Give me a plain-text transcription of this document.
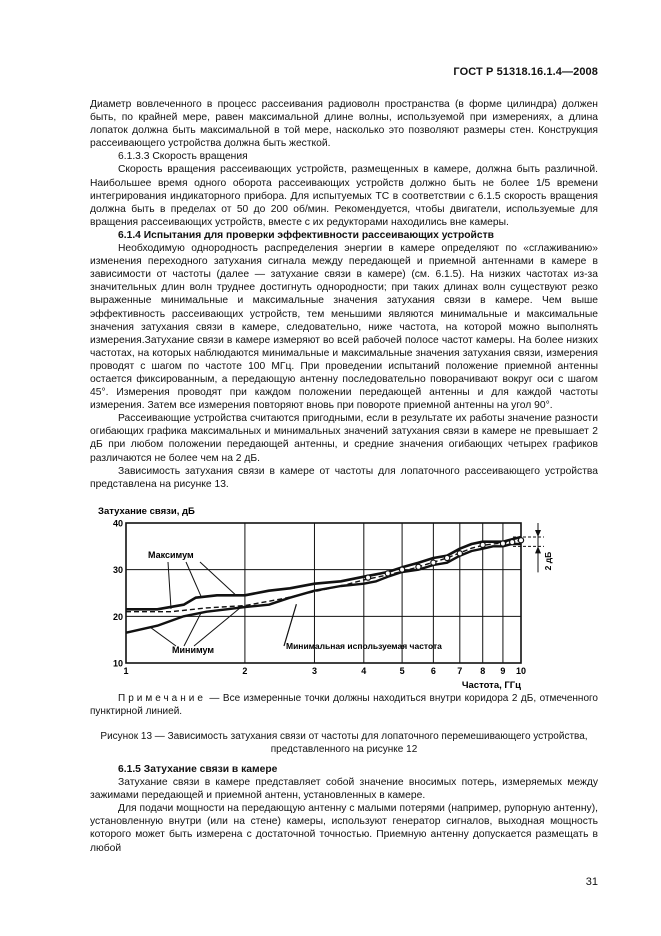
ГОСТ Р 51318.16.1.4—2008

Диаметр вовлеченного в процесс рассеивания радиоволн пространства (в форме цилиндра) должен быть, по крайней мере, равен максимальной длине волны, используемой при измерениях, а длина лопаток должна быть максимальной в той мере, насколько это позволяют размеры стен. Конструкция рассеивающего устройства должна быть жесткой.

6.1.3.3 Скорость вращения

Скорость вращения рассеивающих устройств, размещенных в камере, должна быть различной. Наибольшее время одного оборота рассеивающих устройств должно быть не более 1/5 времени интегрирования индикаторного прибора. Для испытуемых ТС в соответствии с 6.1.5 скорость вращения должна быть в пределах от 50 до 200 об/мин. Рекомендуется, чтобы двигатели, используемые для вращения рассеивающих устройств, вместе с их редукторами находились вне камеры.

6.1.4 Испытания для проверки эффективности рассеивающих устройств

Необходимую однородность распределения энергии в камере определяют по «сглаживанию» изменения переходного затухания сигнала между передающей и приемной антеннами в камере в зависимости от частоты (далее — затухание связи в камере) (см. 6.1.5). На низких частотах из-за значительных длин волн труднее достигнуть однородности; при таких длинах волн существуют резко выраженные минимальные и максимальные значения затухания связи в камере. Чем выше эффективность рассеивающих устройств, тем меньшими являются минимальные и максимальные значения затухания связи в камере, следовательно, ниже частота, на которой можно выполнять измерения.Затухание связи в камере измеряют во всей рабочей полосе частот камеры. На более низких частотах, на которых наблюдаются минимальные и максимальные значения затухания связи, измерения проводят с шагом по частоте 100 МГц. При проведении испытаний положение приемной антенны остается фиксированным, а передающую антенну последовательно поворачивают вокруг оси с шагом 45°. Измерения проводят при каждом положении передающей антенны и для каждой частоты измерения. Затем все измерения повторяют вновь при повороте приемной антенны на угол 90°.

Рассеивающие устройства считаются пригодными, если в результате их работы значение разности огибающих графика максимальных и минимальных значений затухания связи в камере не превышает 2 дБ при любом положении передающей антенны, и средние значения огибающих четырех графиков различаются не более чем на 2 дБ.

Зависимость затухания связи в камере от частоты для лопаточного рассеивающего устройства представлена на рисунке 13.

1	2	3	4	5	6 7 8 9 10
10
20
30
40
Максимум
Минимум	Минимальная используемая частота
2 дБ
Затухание связи, дБ
Частота, ГГц
Примечание — Все измеренные точки должны находиться внутри коридора 2 дБ, отмеченного пунктирной линией.
Рисунок 13 — Зависимость затухания связи от частоты для лопаточного перемешивающего устройства, представленного на рисунке 12

6.1.5 Затухание связи в камере

Затухание связи в камере представляет собой значение вносимых потерь, измеряемых между зажимами передающей и приемной антенн, установленных в камере.

Для подачи мощности на передающую антенну с малыми потерями (например, рупорную антенну), установленную внутри (или на стене) камеры, используют генератор сигналов, выходная мощность которого может быть измерена с достаточной точностью. Приемную антенну допускается размещать в любой

31
